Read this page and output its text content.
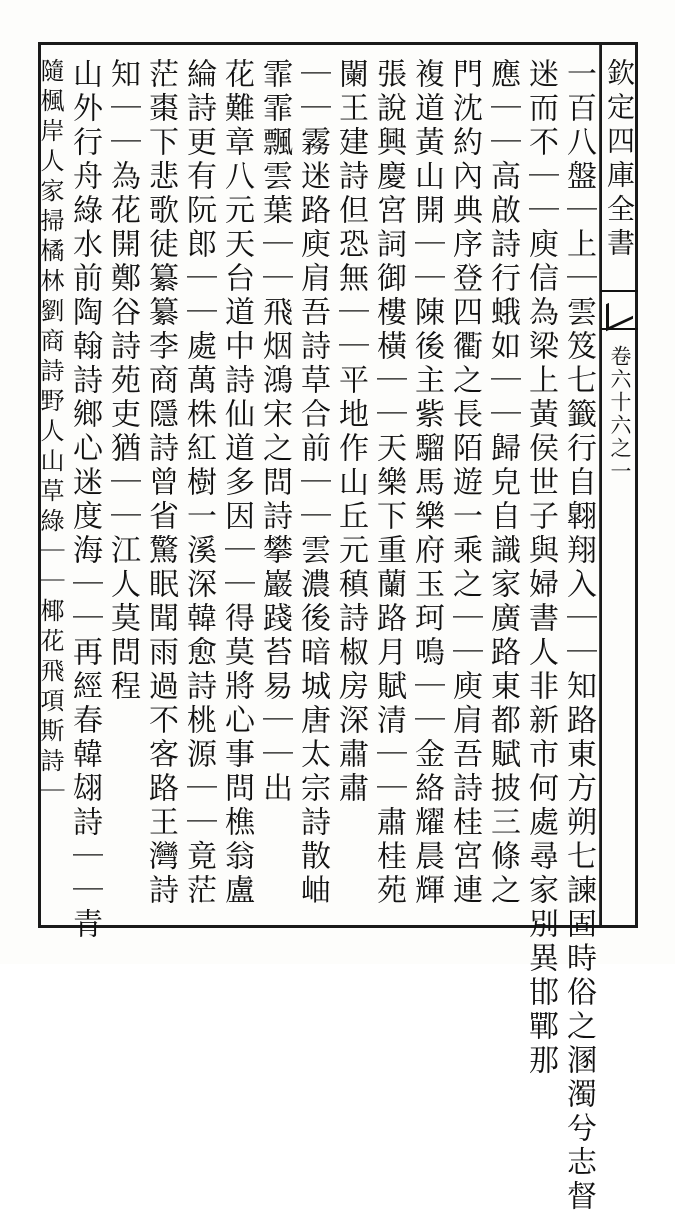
欽定四庫全書
卷六十六之一
一百八盤｜上｜雲笈七籤行自翺翔入｜｜知路東方朔七諫固時俗之溷濁兮志督
迷而不｜｜庾信為梁上黃侯世子與婦書人非新市何處尋家別異邯鄲那
應｜｜高啟詩行蛾如｜｜歸皃自識家廣路東都賦披三條之
門沈約內典序登四衢之長陌遊一乘之｜｜庾肩吾詩桂宮連
複道黃山開｜｜陳後主紫騮馬樂府玉珂鳴｜｜金絡耀晨輝
張說興慶宮詞御樓橫｜｜天樂下重蘭路月賦清｜｜肅桂苑
闌王建詩但恐無｜｜平地作山丘元稹詩椒房深肅肅
｜｜霧迷路庾肩吾詩草合前｜｜雲濃後暗城唐太宗詩散岫
霏霏飄雲葉｜｜飛烟鴻宋之問詩攀巖踐苔易｜｜出
花難章八元天台道中詩仙道多因｜｜得莫將心事問樵翁盧
綸詩更有阮郎｜｜處萬株紅樹一溪深韓愈詩桃源｜｜竟茫
茫棗下悲歌徒纂纂李商隱詩曾省驚眠聞雨過不客路王灣詩
知｜｜為花開鄭谷詩苑吏猶｜｜江人莫問程
山外行舟綠水前陶翰詩鄉心迷度海｜｜再經春韓翃詩｜｜青
隨楓岸人家掃橘林劉商詩野人山草綠｜｜椰花飛項斯詩｜
